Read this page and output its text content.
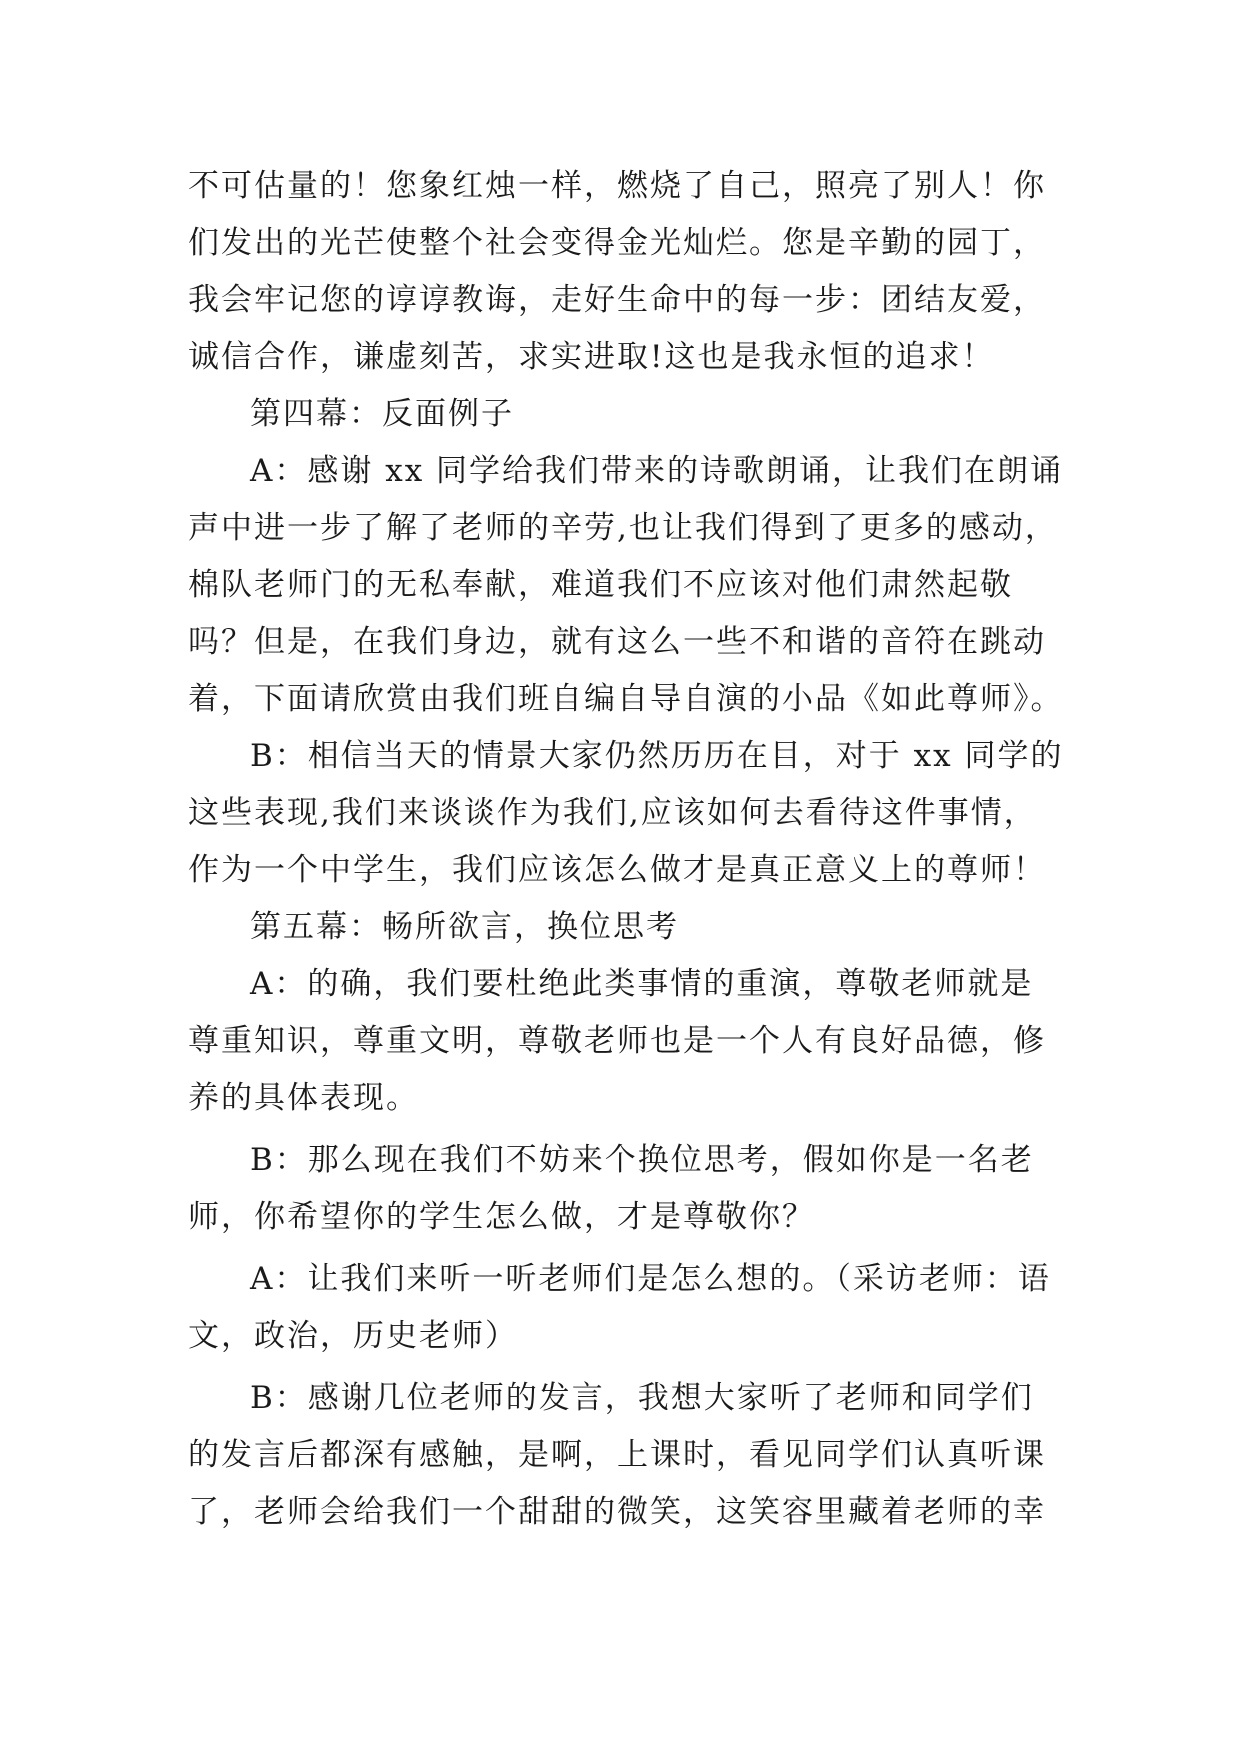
不可估量的！您象红烛一样，燃烧了自己，照亮了别人！你
们发出的光芒使整个社会变得金光灿烂。您是辛勤的园丁，
我会牢记您的谆谆教诲，走好生命中的每一步：团结友爱，
诚信合作，谦虚刻苦，求实进取!这也是我永恒的追求！
第四幕：反面例子
A：感谢 xx 同学给我们带来的诗歌朗诵，让我们在朗诵
声中进一步了解了老师的辛劳,也让我们得到了更多的感动，
棉队老师门的无私奉献，难道我们不应该对他们肃然起敬
吗？但是，在我们身边，就有这么一些不和谐的音符在跳动
着，下面请欣赏由我们班自编自导自演的小品《如此尊师》。
B：相信当天的情景大家仍然历历在目，对于 xx 同学的
这些表现,我们来谈谈作为我们,应该如何去看待这件事情，
作为一个中学生，我们应该怎么做才是真正意义上的尊师！
第五幕：畅所欲言，换位思考
A：的确，我们要杜绝此类事情的重演，尊敬老师就是
尊重知识，尊重文明，尊敬老师也是一个人有良好品德，修
养的具体表现。
B：那么现在我们不妨来个换位思考，假如你是一名老
师，你希望你的学生怎么做，才是尊敬你？
A：让我们来听一听老师们是怎么想的。（采访老师：语
文，政治，历史老师）
B：感谢几位老师的发言，我想大家听了老师和同学们
的发言后都深有感触，是啊，上课时，看见同学们认真听课
了，老师会给我们一个甜甜的微笑，这笑容里藏着老师的幸
